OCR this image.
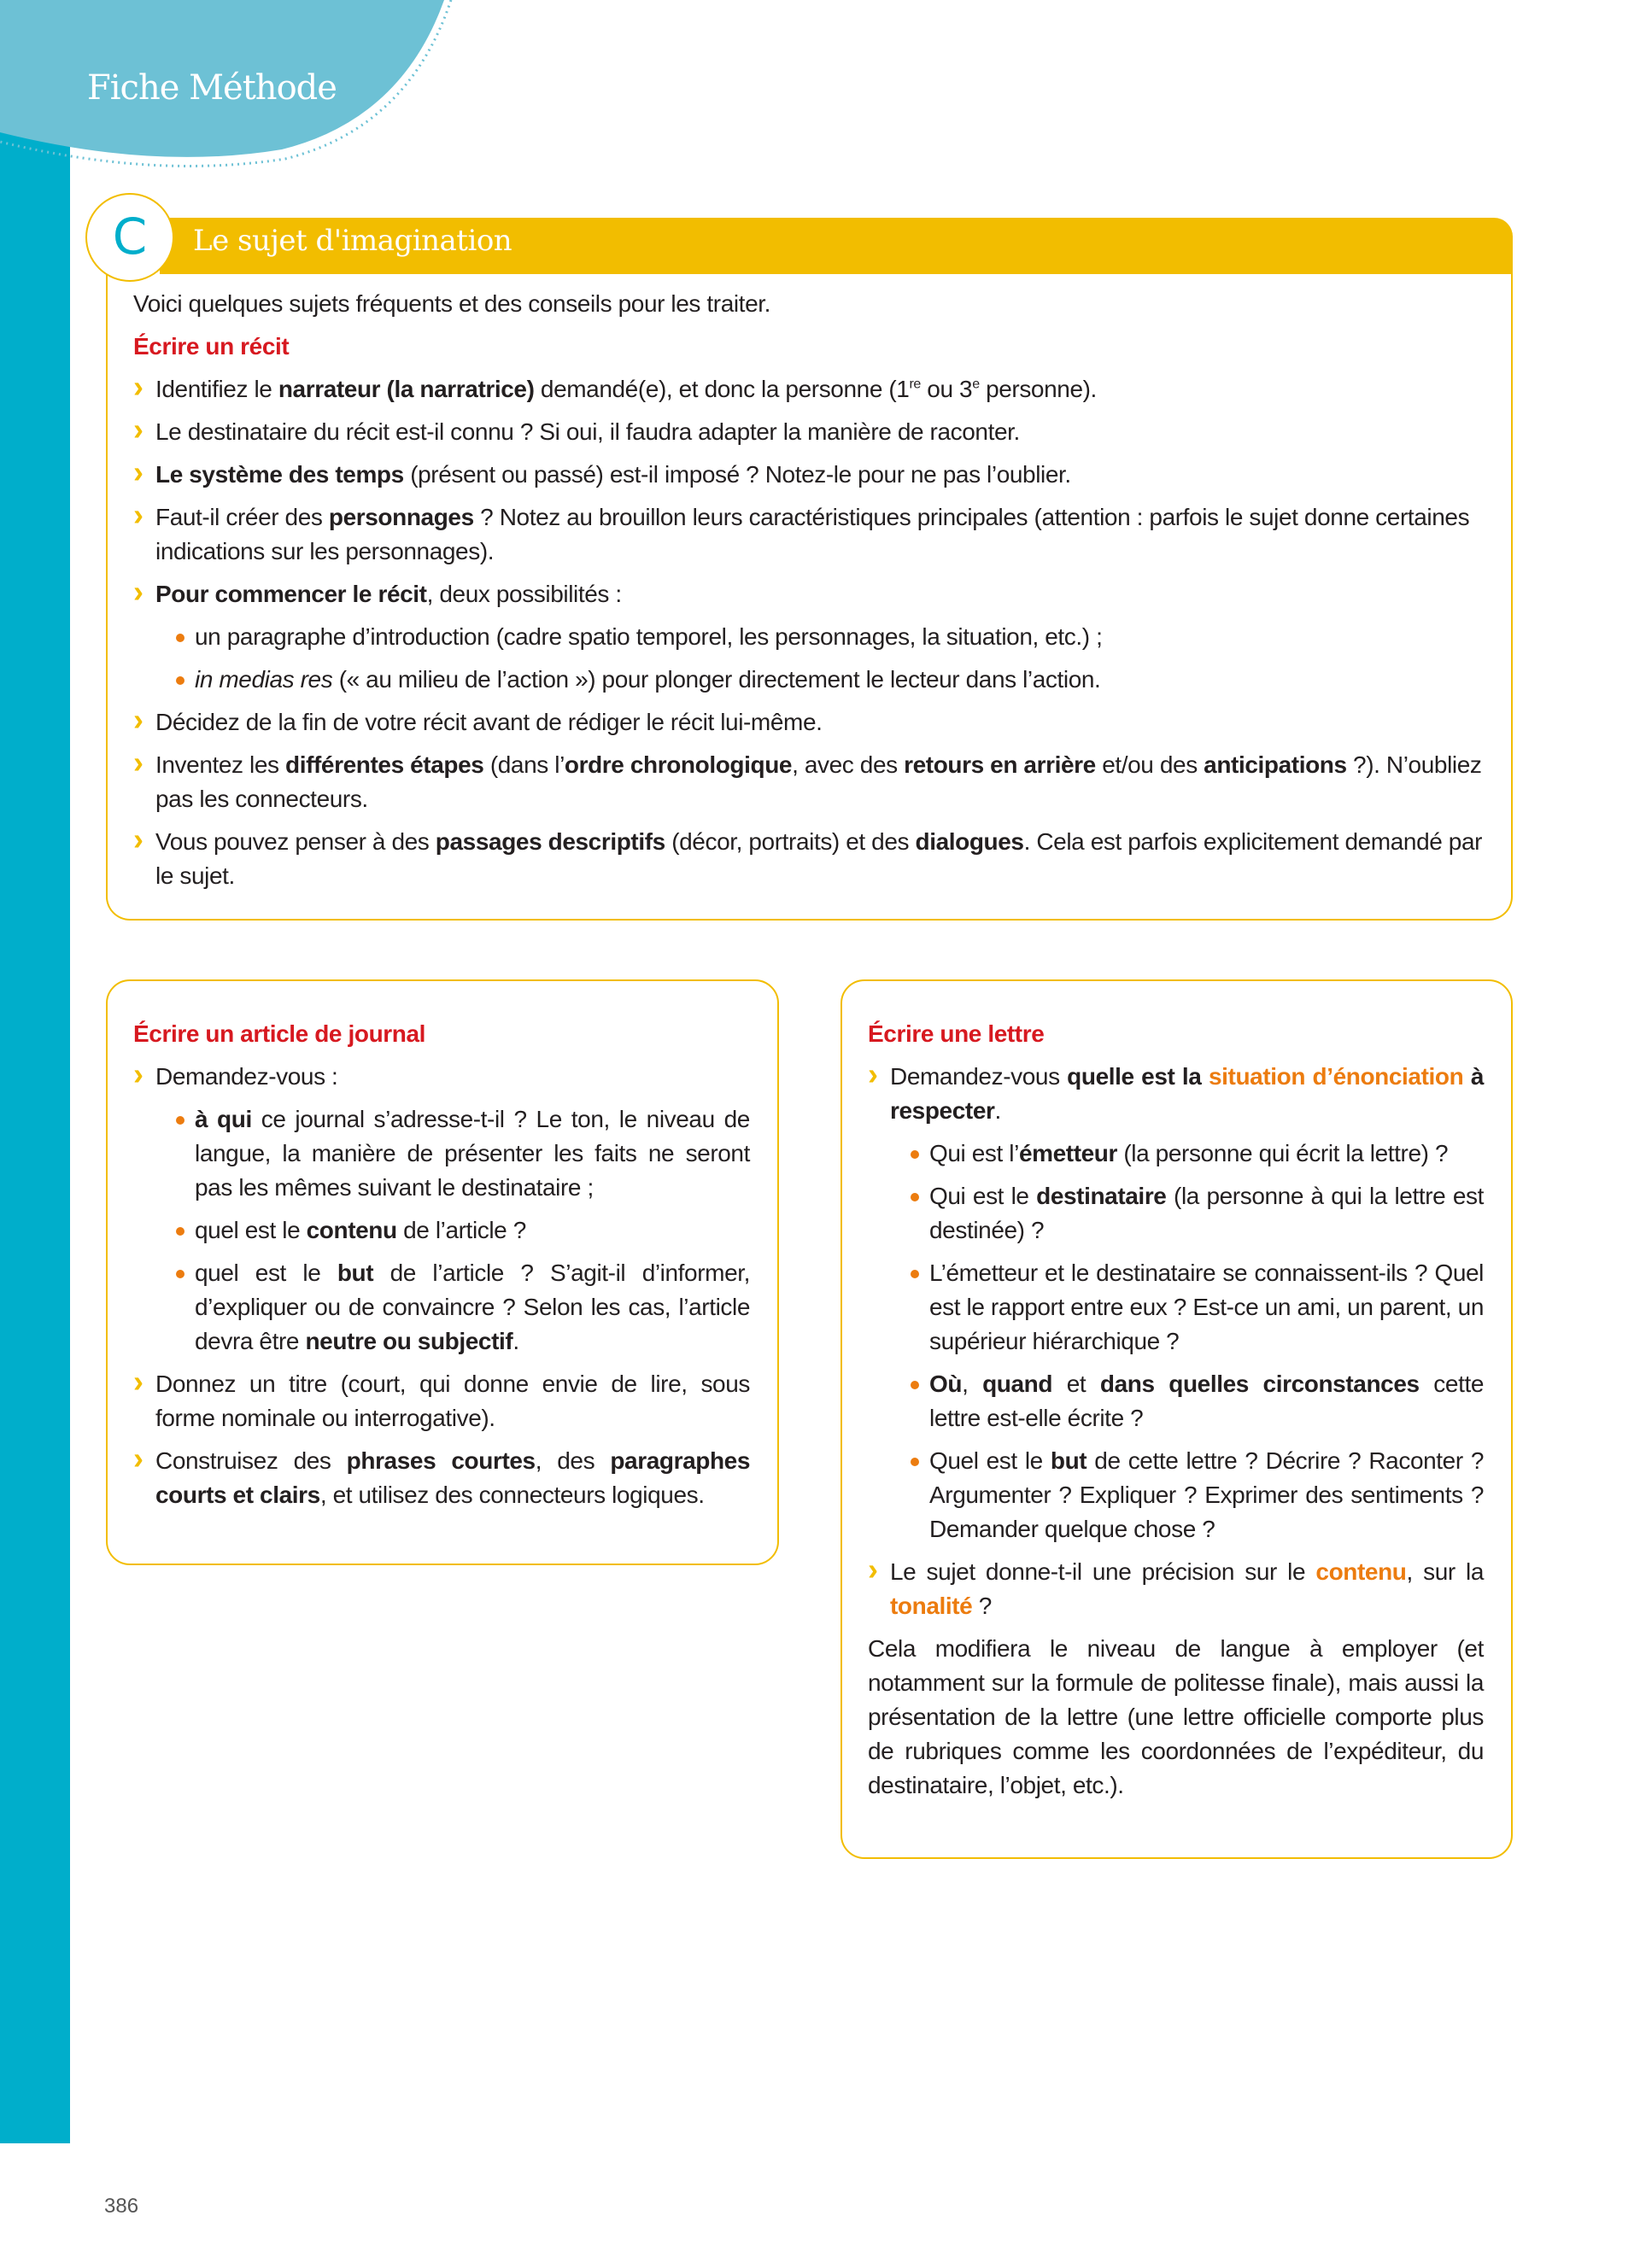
Fiche Méthode
Voici quelques sujets fréquents et des conseils pour les traiter.
Écrire un récit
› Identifiez le narrateur (la narratrice) demandé(e), et donc la personne (1re ou 3e personne).
› Le destinataire du récit est-il connu ? Si oui, il faudra adapter la manière de raconter.
› Le système des temps (présent ou passé) est-il imposé ? Notez-le pour ne pas l’oublier.
› Faut-il créer des personnages ? Notez au brouillon leurs caractéristiques principales (attention : parfois le sujet donne certaines indications sur les personnages).
› Pour commencer le récit, deux possibilités :
un paragraphe d’introduction (cadre spatio temporel, les personnages, la situation, etc.) ;
in medias res (« au milieu de l’action ») pour plonger directement le lecteur dans l’action.
› Décidez de la fin de votre récit avant de rédiger le récit lui-même.
› Inventez les différentes étapes (dans l’ordre chronologique, avec des retours en arrière et/ou des anticipations ?). N’oubliez pas les connecteurs.
› Vous pouvez penser à des passages descriptifs (décor, portraits) et des dialogues. Cela est parfois explicitement demandé par le sujet.
Le sujet d'imagination
C
Écrire un article de journal
› Demandez-vous :
à qui ce journal s’adresse-t-il ? Le ton, le niveau de langue, la manière de présenter les faits ne seront pas les mêmes suivant le destinataire ;
quel est le contenu de l’article ?
quel est le but de l’article ? S’agit-il d’informer, d’expliquer ou de convaincre ? Selon les cas, l’article devra être neutre ou subjectif.
› Donnez un titre (court, qui donne envie de lire, sous forme nominale ou interrogative).
› Construisez des phrases courtes, des paragraphes courts et clairs, et utilisez des connecteurs logiques.
Écrire une lettre
› Demandez-vous quelle est la situation d’énonciation à respecter.
Qui est l’émetteur (la personne qui écrit la lettre) ?
Qui est le destinataire (la personne à qui la lettre est destinée) ?
L’émetteur et le destinataire se connaissent-ils ? Quel est le rapport entre eux ? Est-ce un ami, un parent, un supérieur hiérarchique ?
Où, quand et dans quelles circonstances cette lettre est-elle écrite ?
Quel est le but de cette lettre ? Décrire ? Raconter ? Argumenter ? Expliquer ? Exprimer des sentiments ? Demander quelque chose ?
› Le sujet donne-t-il une précision sur le contenu, sur la tonalité ?
Cela modifiera le niveau de langue à employer (et notamment sur la formule de politesse finale), mais aussi la présentation de la lettre (une lettre officielle comporte plus de rubriques comme les coordonnées de l’expéditeur, du destinataire, l’objet, etc.).
386
